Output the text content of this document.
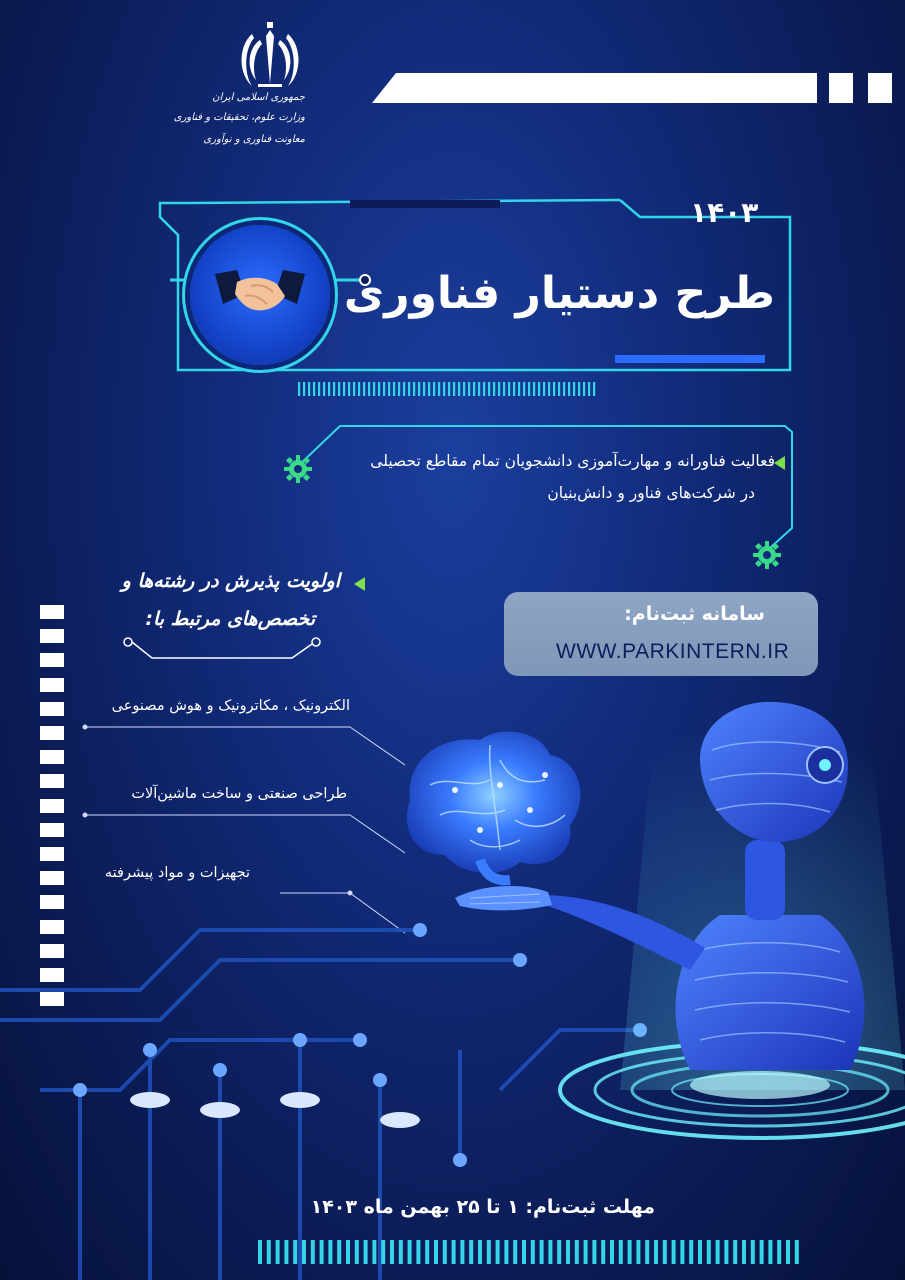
جمهوری اسلامی ایران
وزارت علوم، تحقیقات و فناوری
معاونت فناوری و نوآوری
۱۴۰۳
طرح دستیار فناوری
فعالیت فناورانه و مهارت‌آموزی دانشجویان تمام مقاطع تحصیلی
در شرکت‌های فناور و دانش‌بنیان
اولویت پذیرش در رشته‌ها و
تخصص‌های مرتبط با:
الکترونیک ، مکاترونیک و هوش مصنوعی
طراحی صنعتی و ساخت ماشین‌آلات
تجهیزات و مواد پیشرفته
سامانه ثبت‌نام:
WWW.PARKINTERN.IR
مهلت ثبت‌نام: ۱ تا ۲۵ بهمن ماه ۱۴۰۳
